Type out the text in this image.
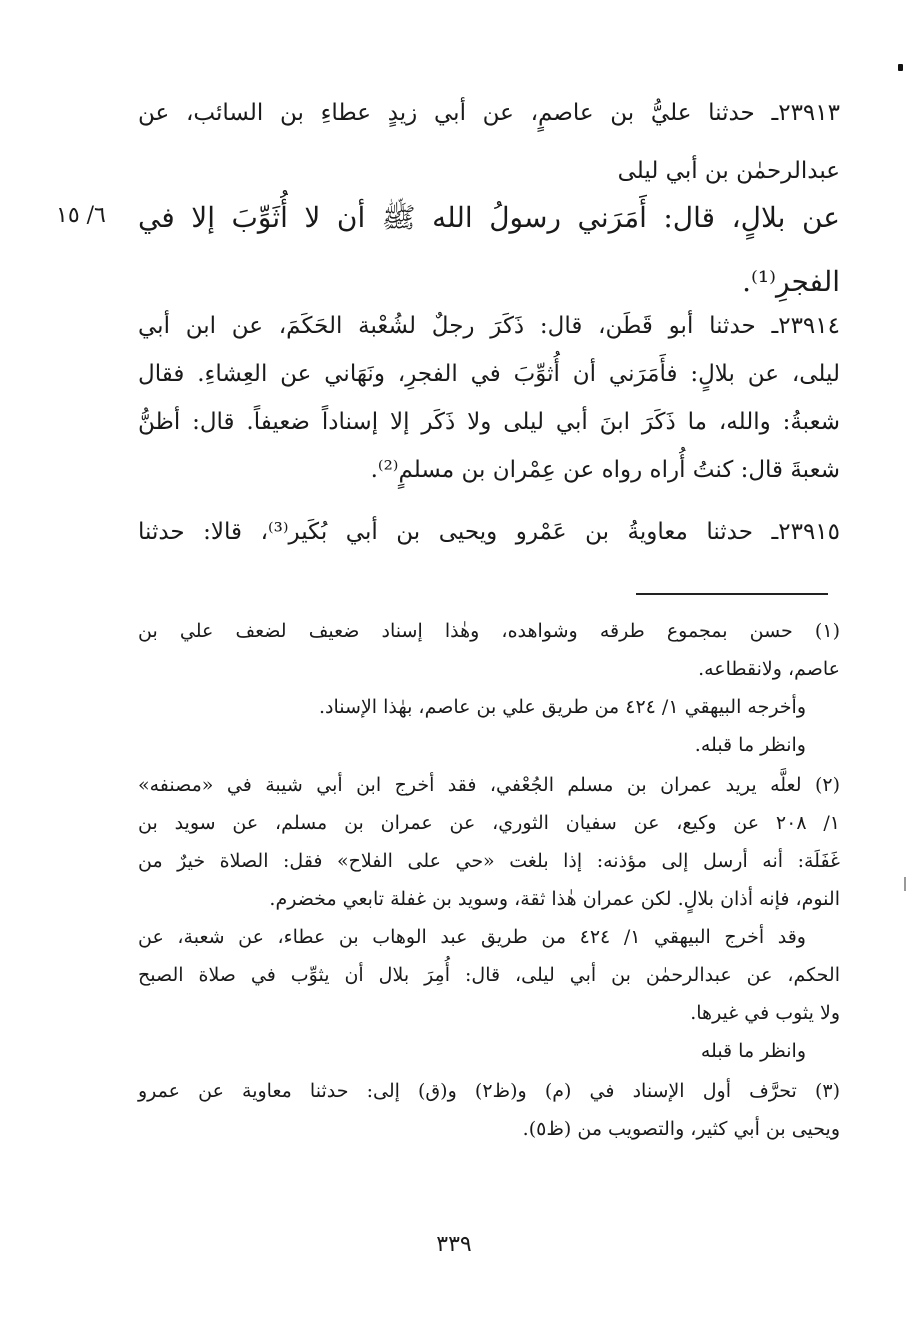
٢٣٩١٣ـ حدثنا عليُّ بن عاصمٍ، عن أبي زيدٍ عطاءِ بن السائب، عن
عبدالرحمٰن بن أبي ليلى
عن بلالٍ، قال: أَمَرَني رسولُ الله ﷺ أن لا أُثَوِّبَ إلا في
الفجرِ⁽¹⁾.
٦/ ١٥
٢٣٩١٤ـ حدثنا أبو قَطَن، قال: ذَكَرَ رجلٌ لشُعْبة الحَكَمَ، عن ابن أبي
ليلى، عن بلالٍ: فأَمَرَني أن أُثوِّبَ في الفجرِ، ونَهَاني عن العِشاءِ. فقال
شعبةُ: والله، ما ذَكَرَ ابنَ أبي ليلى ولا ذَكَر إلا إسناداً ضعيفاً. قال: أظنُّ
شعبةَ قال: كنتُ أُراه رواه عن عِمْران بن مسلمٍ⁽²⁾.
٢٣٩١٥ـ حدثنا معاويةُ بن عَمْرو ويحيى بن أبي بُكَير⁽³⁾، قالا: حدثنا

(١) حسن بمجموع طرقه وشواهده، وهٰذا إسناد ضعيف لضعف علي بن
عاصم، ولانقطاعه.

وأخرجه البيهقي ١/ ٤٢٤ من طريق علي بن عاصم، بهٰذا الإسناد.

وانظر ما قبله.

(٢) لعلَّه يريد عمران بن مسلم الجُعْفي، فقد أخرج ابن أبي شيبة في «مصنفه»
١/ ٢٠٨ عن وكيع، عن سفيان الثوري، عن عمران بن مسلم، عن سويد بن
غَفَلَة: أنه أرسل إلى مؤذنه: إذا بلغت «حي على الفلاح» فقل: الصلاة خيرٌ من
النوم، فإنه أذان بلالٍ. لكن عمران هٰذا ثقة، وسويد بن غفلة تابعي مخضرم.

وقد أخرج البيهقي ١/ ٤٢٤ من طريق عبد الوهاب بن عطاء، عن شعبة، عن
الحكم، عن عبدالرحمٰن بن أبي ليلى، قال: أُمِرَ بلال أن يثوِّب في صلاة الصبح
ولا يثوب في غيرها.

وانظر ما قبله

(٣) تحرَّف أول الإسناد في (م) و(ظ٢) و(ق) إلى: حدثنا معاوية عن عمرو
ويحيى بن أبي كثير، والتصويب من (ظ٥).

٣٣٩
